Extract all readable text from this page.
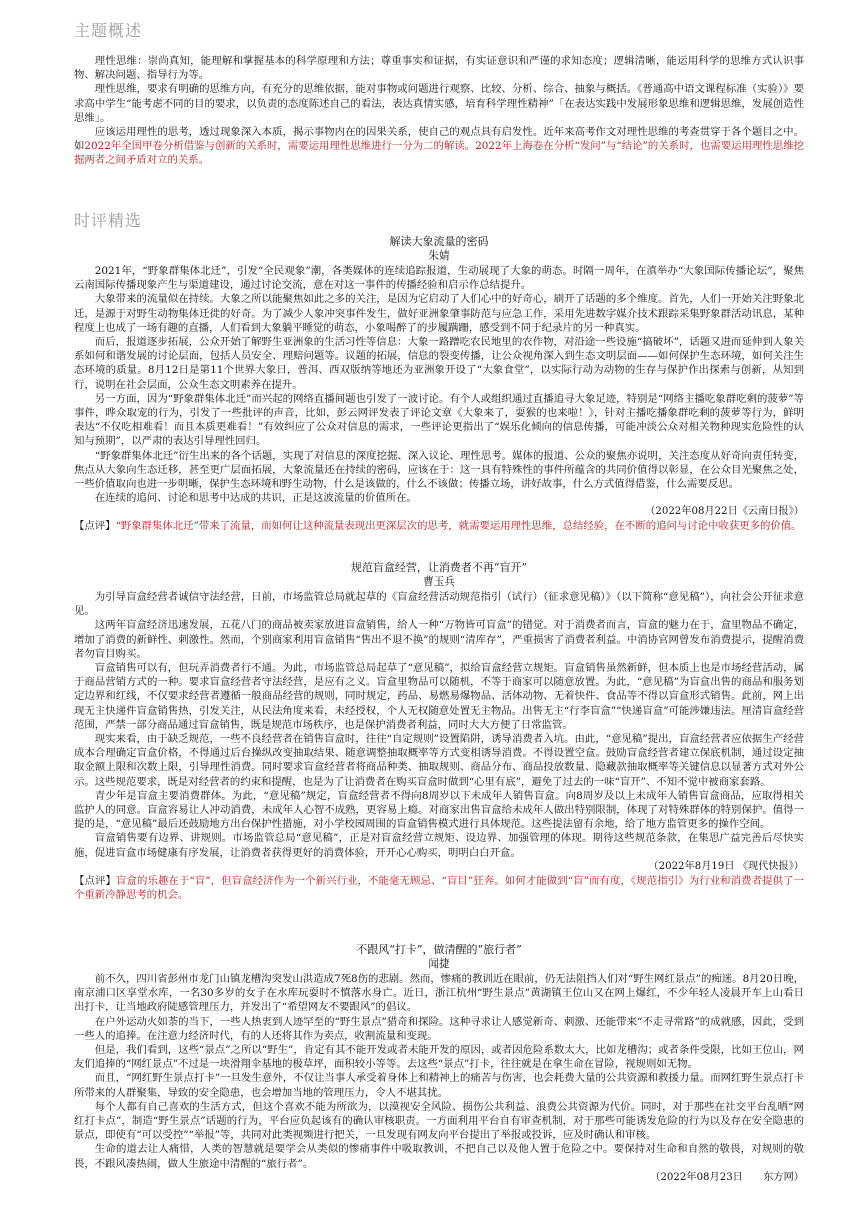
主题概述

理性思维：崇尚真知，能理解和掌握基本的科学原理和方法；尊重事实和证据，有实证意识和严谨的求知态度；逻辑清晰，能运用科学的思维方式认识事物、解决问题、指导行为等。

理性思维，要求有明确的思维方向，有充分的思维依据，能对事物或问题进行观察、比较、分析、综合、抽象与概括。《普通高中语文课程标准（实验）》要求高中学生“能考虑不同的目的要求，以负责的态度陈述自己的看法，表达真情实感，培育科学理性精神”「在表达实践中发展形象思维和逻辑思维，发展创造性思维」。

应该运用理性的思考，透过现象深入本质，揭示事物内在的因果关系，使自己的观点具有启发性。近年来高考作文对理性思维的考查贯穿于各个题目之中。如2022年全国甲卷分析借鉴与创新的关系时，需要运用理性思维进行一分为二的解读。2022年上海卷在分析“发问”与“结论”的关系时，也需要运用理性思维挖掘两者之间矛盾对立的关系。

时评精选
解读大象流量的密码
朱婧

2021年，“野象群集体北迁”，引发“全民观象”潮，各类媒体的连续追踪报道，生动展现了大象的萌态。时隔一周年，在滇举办“大象国际传播论坛”，聚焦云南国际传播现象产生与渠道建设，通过讨论交流，意在对这一事件的传播经验和启示作总结提升。

大象带来的流量似在持续。大象之所以能聚焦如此之多的关注，是因为它启动了人们心中的好奇心，刷开了话题的多个维度。首先，人们一开始关注野象北迁，是源于对野生动物集体迁徙的好奇。为了减少人象冲突事件发生，做好亚洲象肇事防范与应急工作，采用先进数字媒介技术跟踪采集野象群活动讯息，某种程度上也成了一场有趣的直播，人们看到大象躺平睡觉的萌态，小象喝醉了的步履蹒跚，感受到不同于纪录片的另一种真实。

而后，报道逐步拓展，公众开始了解野生亚洲象的生活习性等信息：大象一路蹭吃农民地里的农作物，对沿途一些设施“搞破坏”，话题又进而延伸到人象关系如何和谐发展的讨论层面，包括人员安全、理赔问题等。议题的拓展，信息的裂变传播，让公众视角深入到生态文明层面——如何保护生态环境，如何关注生态环境的质量。8月12日是第11个世界大象日，普洱、西双版纳等地还为亚洲象开设了“大象食堂”，以实际行动为动物的生存与保护作出探索与创新，从知到行，说明在社会层面，公众生态文明素养在提升。

另一方面，因为“野象群集体北迁”而兴起的网络直播间题也引发了一波讨论。有个人或组织通过直播追寻大象足迹，特别是“网络主播吃象群吃剩的菠萝”等事件，晔众取宠的行为，引发了一些批评的声音，比如，彭云网评发表了评论文章《大象来了，耍猴的也来啦！》，针对主播吃播象群吃剩的菠萝等行为，鲜明表达“不仅吃相难看！而且本质更难看！”有效纠应了公众对信息的需求，一些评论更指出了“娱乐化倾向的信息传播，可能冲淡公众对相关物种现实危险性的认知与预期”，以严肃的表达引导理性回归。

“野象群集体北迁”衍生出来的各个话题，实现了对信息的深度挖掘、深入议论、理性思考。媒体的报道、公众的聚焦亦说明，关注态度从好奇向责任转变，焦点从大象向生态迁移，甚至更广层面拓展，大象流量还在持续的密码，应该在于：这一具有特殊性的事件所蕴含的共同价值得以彰显，在公众目光聚焦之处，一些价值取向也进一步明晰，保护生态环境和野生动物，什么是该做的，什么不该做；传播立场，讲好故事，什么方式值得借鉴，什么需要反思。

在连续的追问、讨论和思考中达成的共识，正是这波流量的价值所在。

（2022年08月22日《云南日报》）
【点评】“野象群集体北迁”带来了流量，而如何让这种流量表现出更深层次的思考，就需要运用理性思维，总结经验，在不断的追问与讨论中收获更多的价值。
规范盲盒经营，让消费者不再“盲开”
曹玉兵

为引导盲盒经营者诚信守法经营，日前，市场监管总局就起草的《盲盒经营活动规范指引（试行）（征求意见稿）》（以下简称“意见稿”），向社会公开征求意见。

这两年盲盒经济迅速发展，五花八门的商品被卖家放进盲盒销售，给人一种“万物皆可盲盒”的错觉。对于消费者而言，盲盒的魅力在于，盒里物品不确定，增加了消费的新鲜性、刺激性。然而，个别商家利用盲盒销售“售出不退不换”的规则“清库存”，严重损害了消费者利益。中消协官网曾发布消费提示，提醒消费者勿盲目购买。

盲盒销售可以有，但玩弄消费者行不通。为此，市场监管总局起草了“意见稿”，拟给盲盒经营立规矩。盲盒销售虽然新鲜，但本质上也是市场经营活动，属于商品营销方式的一种。要求盲盒经营者守法经营，是应有之义。盲盒里物品可以随机，不等于商家可以随意放置。为此，“意见稿”为盲盒出售的商品和服务划定边界和红线，不仅要求经营者遵循一般商品经营的规则，同时规定，药品、易燃易爆物品、活体动物、无着快件、食品等不得以盲盒形式销售。此前，网上出现无主快递件盲盒销售热，引发关注，从民法角度来看，未经授权，个人无权随意处置无主物品。出售无主“行李盲盒”“快递盲盒”可能涉嫌违法。厘清盲盒经营范围，严禁一部分商品通过盲盒销售，既是规范市场秩序，也是保护消费者利益，同时大大方便了日常监管。

现实来看，由于缺乏规范，一些不良经营者在销售盲盒时，往往“自定规则”设置陷阱，诱导消费者入坑。由此，“意见稿”提出，盲盒经营者应依据生产经营成本合理确定盲盒价格，不得通过后台操纵改变抽取结果、随意调整抽取概率等方式变相诱导消费。不得设置空盒。鼓励盲盒经营者建立保底机制，通过设定抽取金额上限和次数上限，引导理性消费。同时要求盲盒经营者将商品种类、抽取规则、商品分布、商品投放数量、隐藏款抽取概率等关键信息以显著方式对外公示。这些规范要求，既是对经营者的约束和提醒，也是为了让消费者在购买盲盒时做到“心里有底”，避免了过去的一味“盲开”、不知不觉中被商家套路。

青少年是盲盒主要消费群体。为此，“意见稿”规定，盲盒经营者不得向8周岁以下未成年人销售盲盒。向8周岁及以上未成年人销售盲盒商品，应取得相关监护人的同意。盲盒容易让人冲动消费，未成年人心智不成熟，更容易上瘾。对商家出售盲盒给未成年人做出特别限制，体现了对特殊群体的特别保护。值得一提的是，“意见稿”最后还鼓励地方出台保护性措施，对小学校园周围的盲盒销售模式进行具体规范。这些提法留有余地，给了地方监管更多的操作空间。

盲盒销售要有边界、讲规则。市场监管总局“意见稿”，正是对盲盒经营立规矩、设边界、加强管理的体现。期待这些规范条款，在集思广益完善后尽快实施，促进盲盒市场健康有序发展，让消费者获得更好的消费体验，开开心心购买，明明白白开盒。

（2022年8月19日 《现代快报》）
【点评】盲盒的乐趣在于“盲”，但盲盒经济作为一个新兴行业，不能毫无顾忌、“盲目”狂奔。如何才能做到“盲”而有度，《规范指引》为行业和消费者提供了一个重新冷静思考的机会。
不跟风“打卡”，做清醒的“旅行者”
闻捷

前不久，四川省彭州市龙门山镇龙槽沟突发山洪造成7死8伤的悲剧。然而，惨痛的教训近在眼前，仍无法阻挡人们对“野生网红景点”的痴迷。8月20日晚，南京浦口区享堂水库，一名30多岁的女子在水库玩耍时不慎落水身亡。近日，浙江杭州“野生景点”黄湖镇王位山又在网上爆红，不少年轻人凌晨开车上山看日出打卡，让当地政府陡感管理压力，并发出了“希望网友不要跟风”的倡议。

在户外运动火如荼的当下，一些人热衷到人迹罕至的“野生景点”猎奇和探险。这种寻求让人感觉新奇、刺激、还能带来“不走寻常路”的成就感，因此，受到一些人的追捧。在注意力经济时代，有的人还将其作为卖点，收割流量和变现。

但是，我们看到，这些“景点”之所以“野生”，肯定有其不能开发或者未能开发的原因，或者因危险系数太大，比如龙槽沟；或者条件受限，比如王位山，网友们追捧的“网红景点”不过是一块滑翔伞基地的极草坪，面积较小等等。去这些“景点”打卡，往往就是在拿生命在冒险，视规则如无物。

而且，“网红野生景点打卡”一旦发生意外，不仅让当事人承受着身体上和精神上的痛苦与伤害，也会耗费大量的公共资源和救援力量。而网红野生景点打卡所带来的人群聚集，导致的安全隐患，也会增加当地的管理压力，令人不堪其扰。

每个人都有自己喜欢的生活方式，但这个喜欢不能为所欲为，以漠视安全风险、损伤公共利益、浪费公共资源为代价。同时，对于那些在社交平台乱晒“网红打卡点”，制造“野生景点”话题的行为，平台应负起该有的确认审核职责。一方面利用平台自有审查机制，对于那些可能诱发危险的行为以及存在安全隐患的景点，即使有“可以受控”“举报”等，共同对此类视频进行把关，一旦发现有网友向平台提出了举报或投诉，应及时确认和审核。

生命的道去让人痛惜，人类的智慧就是要学会从类似的惨痛事件中吸取教训，不把自己以及他人置于危险之中。要保持对生命和自然的敬畏，对规则的敬畏，不跟风凑热闹，做人生旅途中清醒的“旅行者”。

（2022年08月23日　　东方网）
